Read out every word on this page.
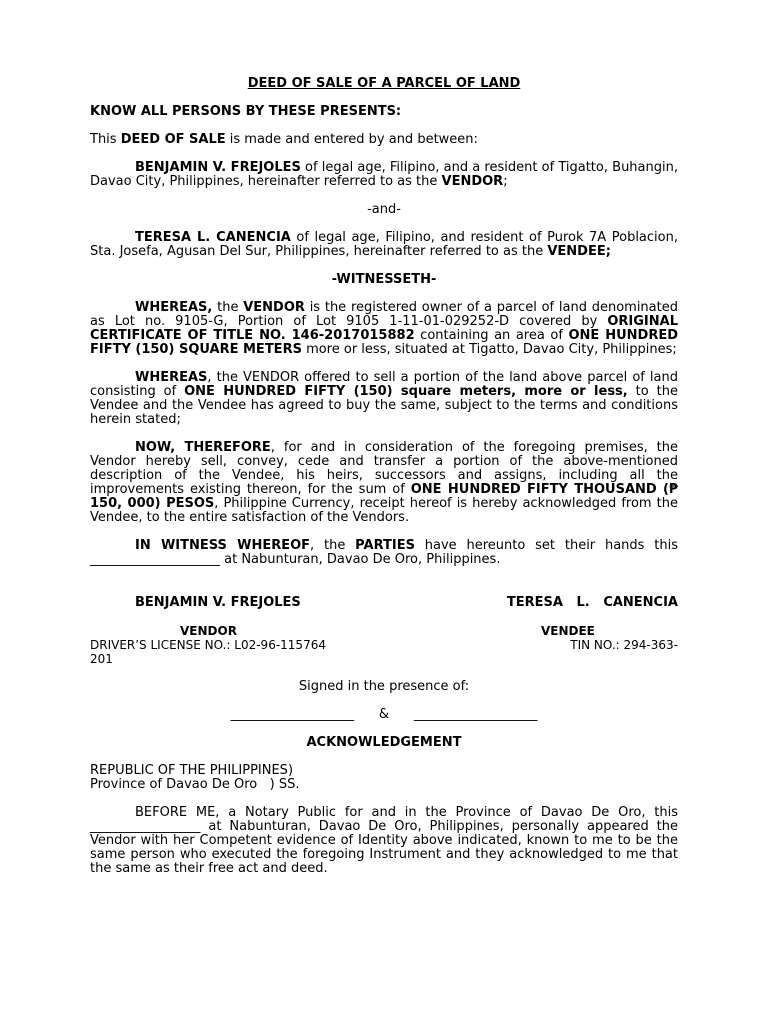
DEED OF SALE OF A PARCEL OF LAND

KNOW ALL PERSONS BY THESE PRESENTS:

This DEED OF SALE is made and entered by and between:

BENJAMIN V. FREJOLES of legal age, Filipino, and a resident of Tigatto, Buhangin, Davao City, Philippines, hereinafter referred to as the VENDOR;

-and-

TERESA L. CANENCIA of legal age, Filipino, and resident of Purok 7A Poblacion, Sta. Josefa, Agusan Del Sur, Philippines, hereinafter referred to as the VENDEE;

-WITNESSETH-

WHEREAS, the VENDOR is the registered owner of a parcel of land denominated as Lot no. 9105-G, Portion of Lot 9105 1-11-01-029252-D covered by ORIGINAL CERTIFICATE OF TITLE NO. 146-2017015882 containing an area of ONE HUNDRED FIFTY (150) SQUARE METERS more or less, situated at Tigatto, Davao City, Philippines;

WHEREAS, the VENDOR offered to sell a portion of the land above parcel of land consisting of ONE HUNDRED FIFTY (150) square meters, more or less, to the Vendee and the Vendee has agreed to buy the same, subject to the terms and conditions herein stated;

NOW, THEREFORE, for and in consideration of the foregoing premises, the Vendor hereby sell, convey, cede and transfer a portion of the above-mentioned description of the Vendee, his heirs, successors and assigns, including all the improvements existing thereon, for the sum of ONE HUNDRED FIFTY THOUSAND (₱ 150, 000) PESOS, Philippine Currency, receipt hereof is hereby acknowledged from the Vendee, to the entire satisfaction of the Vendors.

IN WITNESS WHEREOF, the PARTIES have hereunto set their hands this ____________________ at Nabunturan, Davao De Oro, Philippines.

BENJAMIN V. FREJOLES	TERESA   L.   CANENCIA
VENDOR	VENDEE
DRIVER’S LICENSE NO.: L02-96-115764	TIN NO.: 294-363-

201

Signed in the presence of:

___________________ & ___________________

ACKNOWLEDGEMENT

REPUBLIC OF THE PHILIPPINES)

Province of Davao De Oro   ) SS.

BEFORE ME, a Notary Public for and in the Province of Davao De Oro, this _________________ at Nabunturan, Davao De Oro, Philippines, personally appeared the Vendor with her Competent evidence of Identity above indicated, known to me to be the same person who executed the foregoing Instrument and they acknowledged to me that the same as their free act and deed.
